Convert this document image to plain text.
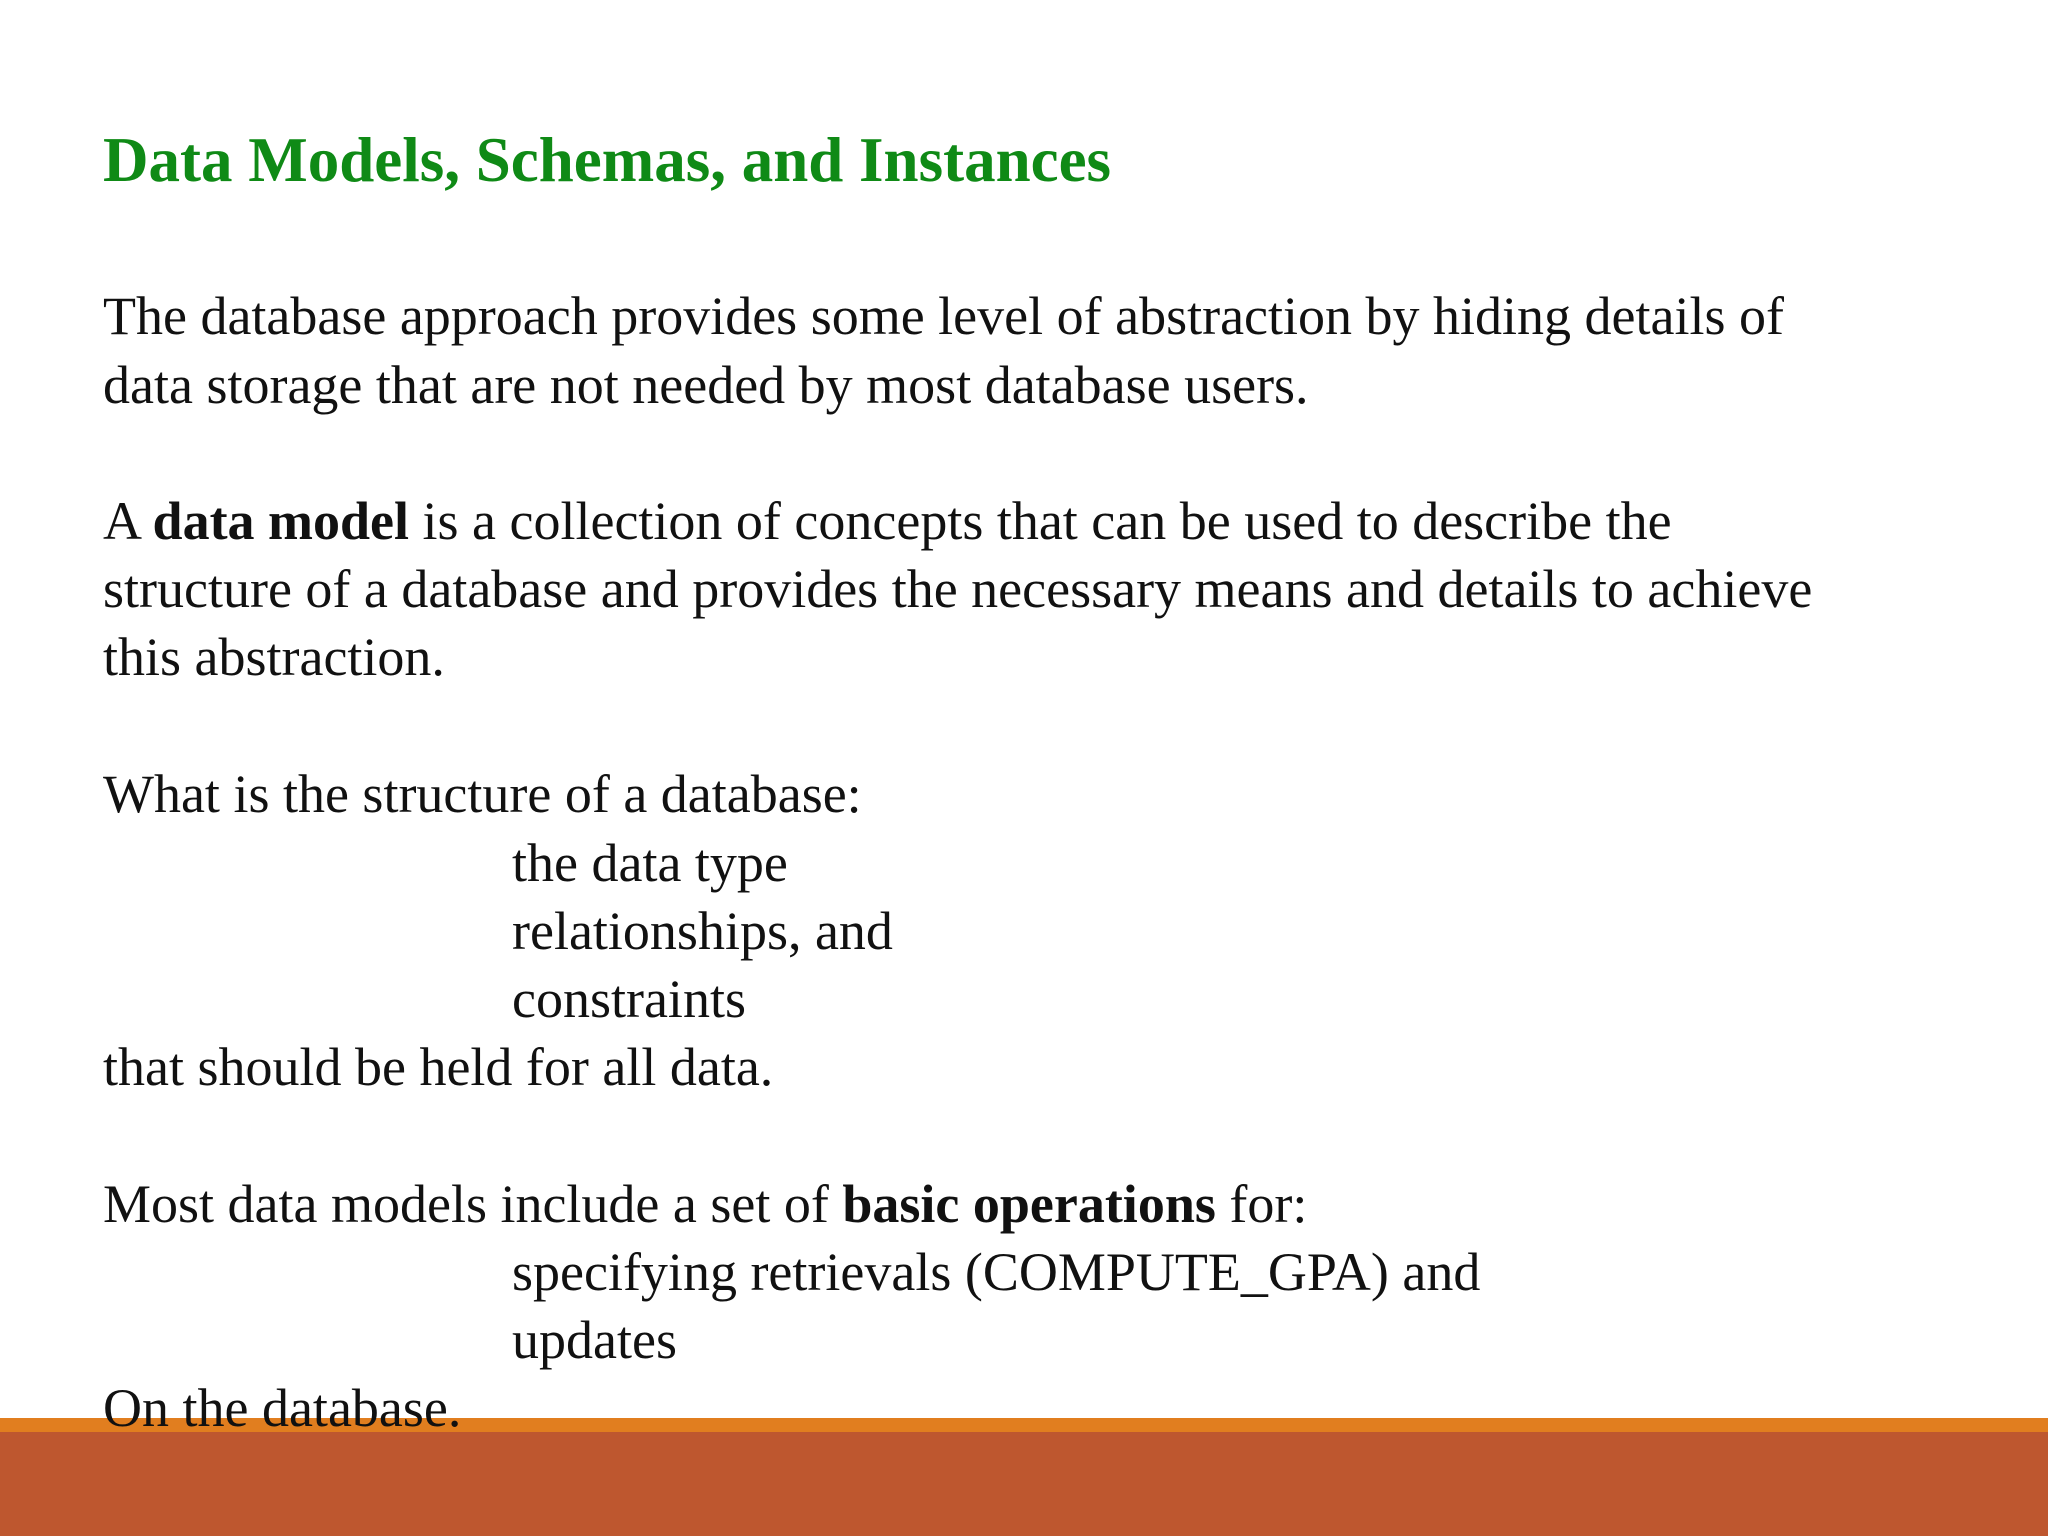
Data Models, Schemas, and Instances

The database approach provides some level of abstraction by hiding details of

data storage that are not needed by most database users.

A data model is a collection of concepts that can be used to describe the

structure of a database and provides the necessary means and details to achieve

this abstraction.

What is the structure of a database:

the data type

relationships, and

constraints

that should be held for all data.

Most data models include a set of basic operations for:

specifying retrievals (COMPUTE_GPA) and

updates

On the database.
